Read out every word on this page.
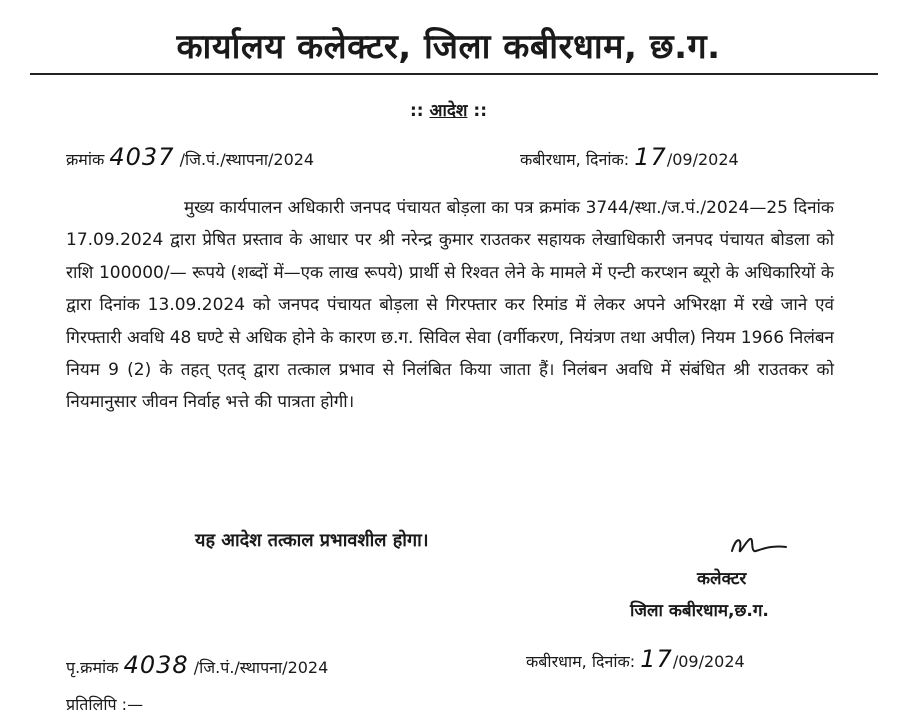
कार्यालय कलेक्टर, जिला कबीरधाम, छ.ग.
:: आदेश ::
क्रमांक 4037 /जि.पं./स्थापना/2024	कबीरधाम, दिनांक: 17/09/2024
मुख्य कार्यपालन अधिकारी जनपद पंचायत बोड़ला का पत्र क्रमांक 3744/स्था./ज.पं./2024—25 दिनांक 17.09.2024 द्वारा प्रेषित प्रस्ताव के आधार पर श्री नरेन्द्र कुमार राउतकर सहायक लेखाधिकारी जनपद पंचायत बोडला को राशि 100000/— रूपये (शब्दों में—एक लाख रूपये) प्रार्थी से रिश्वत लेने के मामले में एन्टी करप्शन ब्यूरो के अधिकारियों के द्वारा दिनांक 13.09.2024 को जनपद पंचायत बोड़ला से गिरफ्तार कर रिमांड में लेकर अपने अभिरक्षा में रखे जाने एवं गिरफ्तारी अवधि 48 घण्टे से अधिक होने के कारण छ.ग. सिविल सेवा (वर्गीकरण, नियंत्रण तथा अपील) नियम 1966 निलंबन नियम 9 (2) के तहत् एतद् द्वारा तत्काल प्रभाव से निलंबित किया जाता हैं। निलंबन अवधि में संबंधित श्री राउतकर को नियमानुसार जीवन निर्वाह भत्ते की पात्रता होगी।
यह आदेश तत्काल प्रभावशील होगा।
कलेक्टर
जिला कबीरधाम,छ.ग.
पृ.क्रमांक 4038 /जि.पं./स्थापना/2024	कबीरधाम, दिनांक: 17/09/2024
प्रतिलिपि :—
